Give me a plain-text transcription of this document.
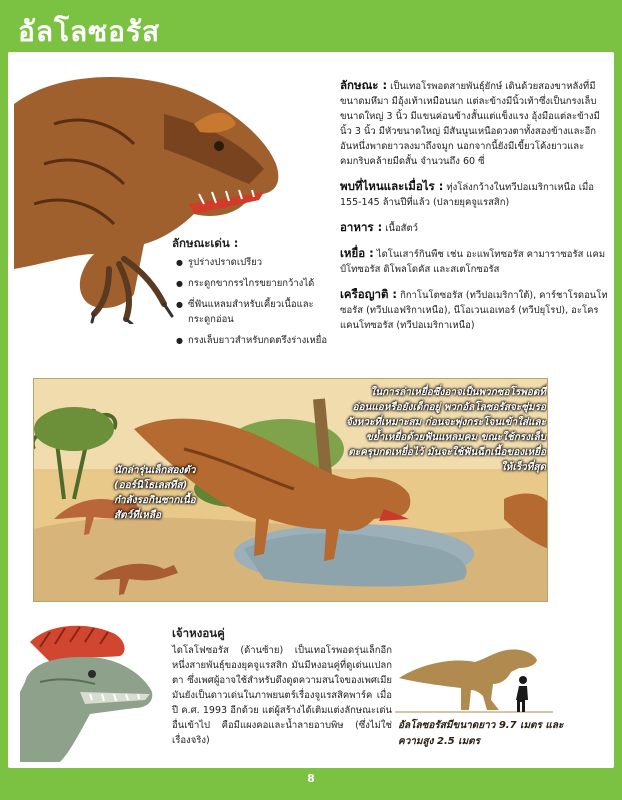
อัลโลซอรัส
ลักษณะเด่น :
● รูปร่างปราดเปรียว
● กระดูกขากรรไกรขยายกว้างได้
● ซี่ฟันแหลมสำหรับเคี้ยวเนื้อและกระดูกอ่อน
● กรงเล็บยาวสำหรับกดตรึงร่างเหยื่อ
ลักษณะ : เป็นเทอโรพอดสายพันธุ์ยักษ์ เดินด้วยสองขาหลังที่มีขนาดมหึมา มีอุ้งเท้าเหมือนนก แต่ละข้างมีนิ้วเท้าซึ่งเป็นกรงเล็บขนาดใหญ่ 3 นิ้ว มีแขนค่อนข้างสั้นแต่แข็งแรง อุ้งมือแต่ละข้างมีนิ้ว 3 นิ้ว มีหัวขนาดใหญ่ มีสันนูนเหนือดวงตาทั้งสองข้างและอีกอันหนึ่งพาดยาวลงมาถึงจมูก นอกจากนี้ยังมีเขี้ยวโค้งยาวและคมกริบคล้ายมีดสั้น จำนวนถึง 60 ซี่
พบที่ไหนและเมื่อไร : ทุ่งโล่งกว้างในทวีปอเมริกาเหนือ เมื่อ 155-145 ล้านปีที่แล้ว (ปลายยุคจูแรสสิก)
อาหาร : เนื้อสัตว์
เหยื่อ : ไดโนเสาร์กินพืช เช่น อะแพโทซอรัส คามาราซอรัส แคมป์โทซอรัส ดิโพลโดคัส และสเตโกซอรัส
เครือญาติ : กิกาโนโตซอรัส (ทวีปอเมริกาใต้), คาร์ชาโรดอนโทซอรัส (ทวีปแอฟริกาเหนือ), นีโอเวนเอเทอร์ (ทวีปยุโรป), อะโครแคนโทซอรัส (ทวีปอเมริกาเหนือ)
ในการล่าเหยื่อซึ่งอาจเป็นพวกซอโรพอดที่อ่อนแอหรือยังเด็กอยู่ พวกอัลโลซอรัสจะซุ่มรอจังหวะที่เหมาะสม ก่อนจะพุ่งกระโจนเข้าใส่และขย้ำเหยื่อด้วยฟันแหลมคม ขณะใช้กรงเล็บตะครุบกดเหยื่อไว้ มันจะใช้ฟันฉีกเนื้อของเหยื่อให้เร็วที่สุด
นักล่ารุ่นเล็กสองตัว (ออร์นิโธเลสทีส) กำลังรอกินซากเนื้อสัตว์ที่เหลือ
เจ้าหงอนคู่

ไดโลโฟซอรัส (ด้านซ้าย) เป็นเทอโรพอดรุ่นเล็กอีกหนึ่งสายพันธุ์ของยุคจูแรสสิก มันมีหงอนคู่ที่ดูเด่นแปลกตา ซึ่งเพศผู้อาจใช้สำหรับดึงดูดความสนใจของเพศเมีย มันยังเป็นดาวเด่นในภาพยนตร์เรื่องจูแรสสิคพาร์ค เมื่อปี ค.ศ. 1993 อีกด้วย แต่ผู้สร้างได้เติมแต่งลักษณะเด่นอื่นเข้าไป คือมีแผงคอและน้ำลายอาบพิษ (ซึ่งไม่ใช่เรื่องจริง)

อัลโลซอรัสมีขนาดยาว 9.7 เมตร และความสูง 2.5 เมตร
8
